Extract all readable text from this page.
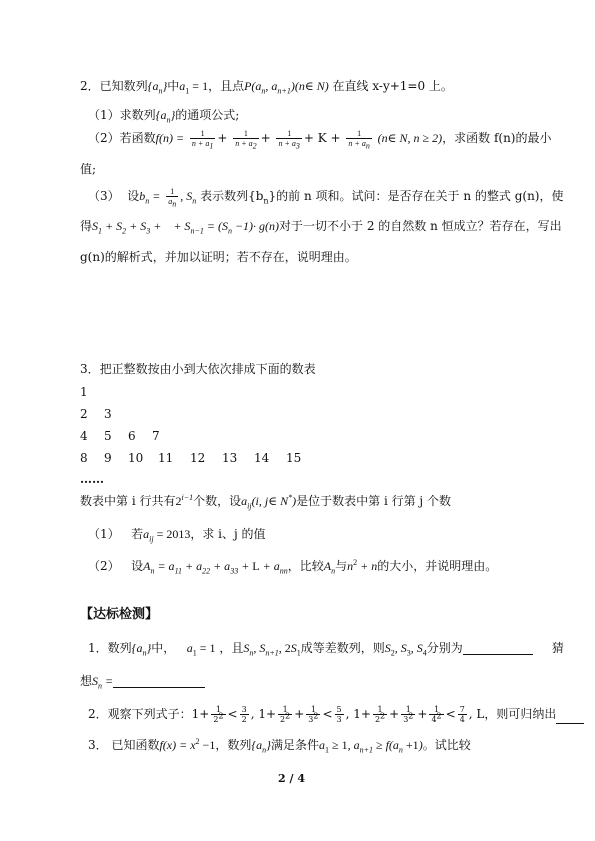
2．已知数列$\{a_n\}$中$a_1 = 1$，且点$P(a_n$, $a_{n+1})(n\in$ N) 在直线 x-y+1=0 上。
（1）求数列$\{a_n\}$的通项公式;
（2）若函数$f(n) = \frac{1}{n + a_1} + \frac{1}{n + a_2} + \frac{1}{n + a_3} + K + \frac{1}{n + a_n}$ (n∈ N, n ≥ 2)，求函数 f(n)的最小
值;
（3） 设$b_n = \frac{1}{a_n}$ , $S_n$ 表示数列$\{b_n\}$的前 n 项和。试问：是否存在关于 n 的整式 g(n)，使
得$S_1 + S_2 + S_3$ +    + $S_{n-1} = (S_n -1)\cdot g(n)$对于一切不小于 2 的自然数 n 恒成立？若存在，写出
g(n)的解析式，并加以证明；若不存在，说明理由。
3．把正整数按由小到大依次排成下面的数表
1
2 3
4 5 6 7
8 9 10 11 12 13 14 15
……
数表中第 i 行共有$2^{i-1}$个数，设$a_{ij}(i$, j∈ N*)是位于数表中第 i 行第 j 个数
（1） 若$a_{ij} = 2013$，求 i、j 的值
（2） 设$A_n = a_{11} + a_{22} + a_{33} + L + a_{nn}$，比较$A_n$与$n^2 + n$的大小，并说明理由。
【达标检测】
1．数列$\{a_n\}$中， $a_1 = 1$ ，且$S_n$, $S_{n+1}$, $2S_1$成等差数列，则$S_2$, $S_3$, $S_4$分别为	猜
想$S_n$ =
2．观察下列式子：$1+ \frac{1}{2^2} < \frac{3}{2}$ , $1+ \frac{1}{2^2} + \frac{1}{3^2} < \frac{5}{3}$ , $1+ \frac{1}{2^2} + \frac{1}{3^2} + \frac{1}{4^2} < \frac{7}{4}$ , L，则可归纳出
3． 已知函数$f(x) = x^2 -1$，数列$\{a_n\}$满足条件$a_1 \ge 1$, $a_{n+1} \ge f(a_n +1)$。试比较
2 / 4
